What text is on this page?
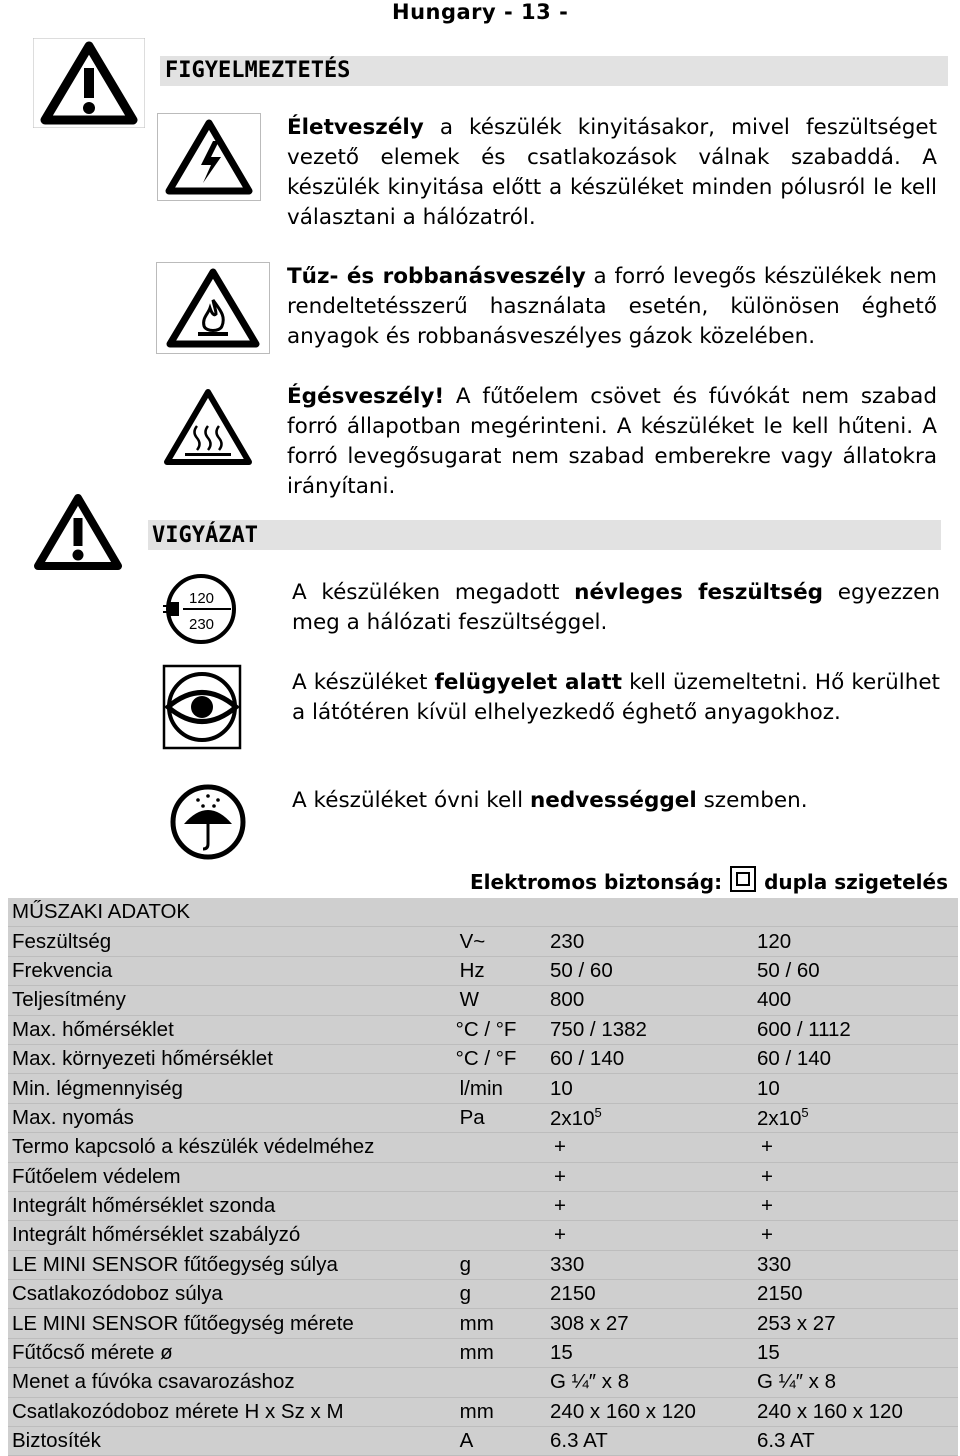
Hungary - 13 -
FIGYELMEZTETÉS
Életveszély a készülék kinyitásakor, mivel feszültséget vezető elemek és csatlakozások válnak szabaddá. A készülék kinyitása előtt a készüléket minden pólusról le kell választani a hálózatról.
Tűz- és robbanásveszély a forró levegős készülékek nem rendeltetésszerű használata esetén, különösen éghető anyagok és robbanásveszélyes gázok közelében.
Égésveszély! A fűtőelem csövet és fúvókát nem szabad forró állapotban megérinteni. A készüléket le kell hűteni. A forró levegősugarat nem szabad emberekre vagy állatokra irányítani.
VIGYÁZAT
120
230
A készüléken megadott névleges feszültség egyezzen meg a hálózati feszültséggel.
A készüléket felügyelet alatt kell üzemeltetni. Hő kerülhet a látótéren kívül elhelyezkedő éghető anyagokhoz.
A készüléket óvni kell nedvességgel szemben.
Elektromos biztonság: dupla szigetelés
MŰSZAKI ADATOK			
Feszültség	V~	230	120
Frekvencia	Hz	50 / 60	50 / 60
Teljesítmény	W	800	400
Max. hőmérséklet	°C / °F	750 / 1382	600 / 1112
Max. környezeti hőmérséklet	°C / °F	60 / 140	60 / 140
Min. légmennyiség	l/min	10	10
Max. nyomás	Pa	$2x10^5$	$2x10^5$
Termo kapcsoló a készülék védelméhez		+	+
Fűtőelem védelem		+	+
Integrált hőmérséklet szonda		+	+
Integrált hőmérséklet szabályzó		+	+
LE MINI SENSOR fűtőegység súlya	g	330	330
Csatlakozódoboz súlya	g	2150	2150
LE MINI SENSOR fűtőegység mérete	mm	308 x 27	253 x 27
Fűtőcső mérete ø	mm	15	15
Menet a fúvóka csavarozáshoz		G ¼″ x 8	G ¼″ x 8
Csatlakozódoboz mérete H x Sz x M	mm	240 x 160 x 120	240 x 160 x 120
Biztosíték	A	6.3 AT	6.3 AT
